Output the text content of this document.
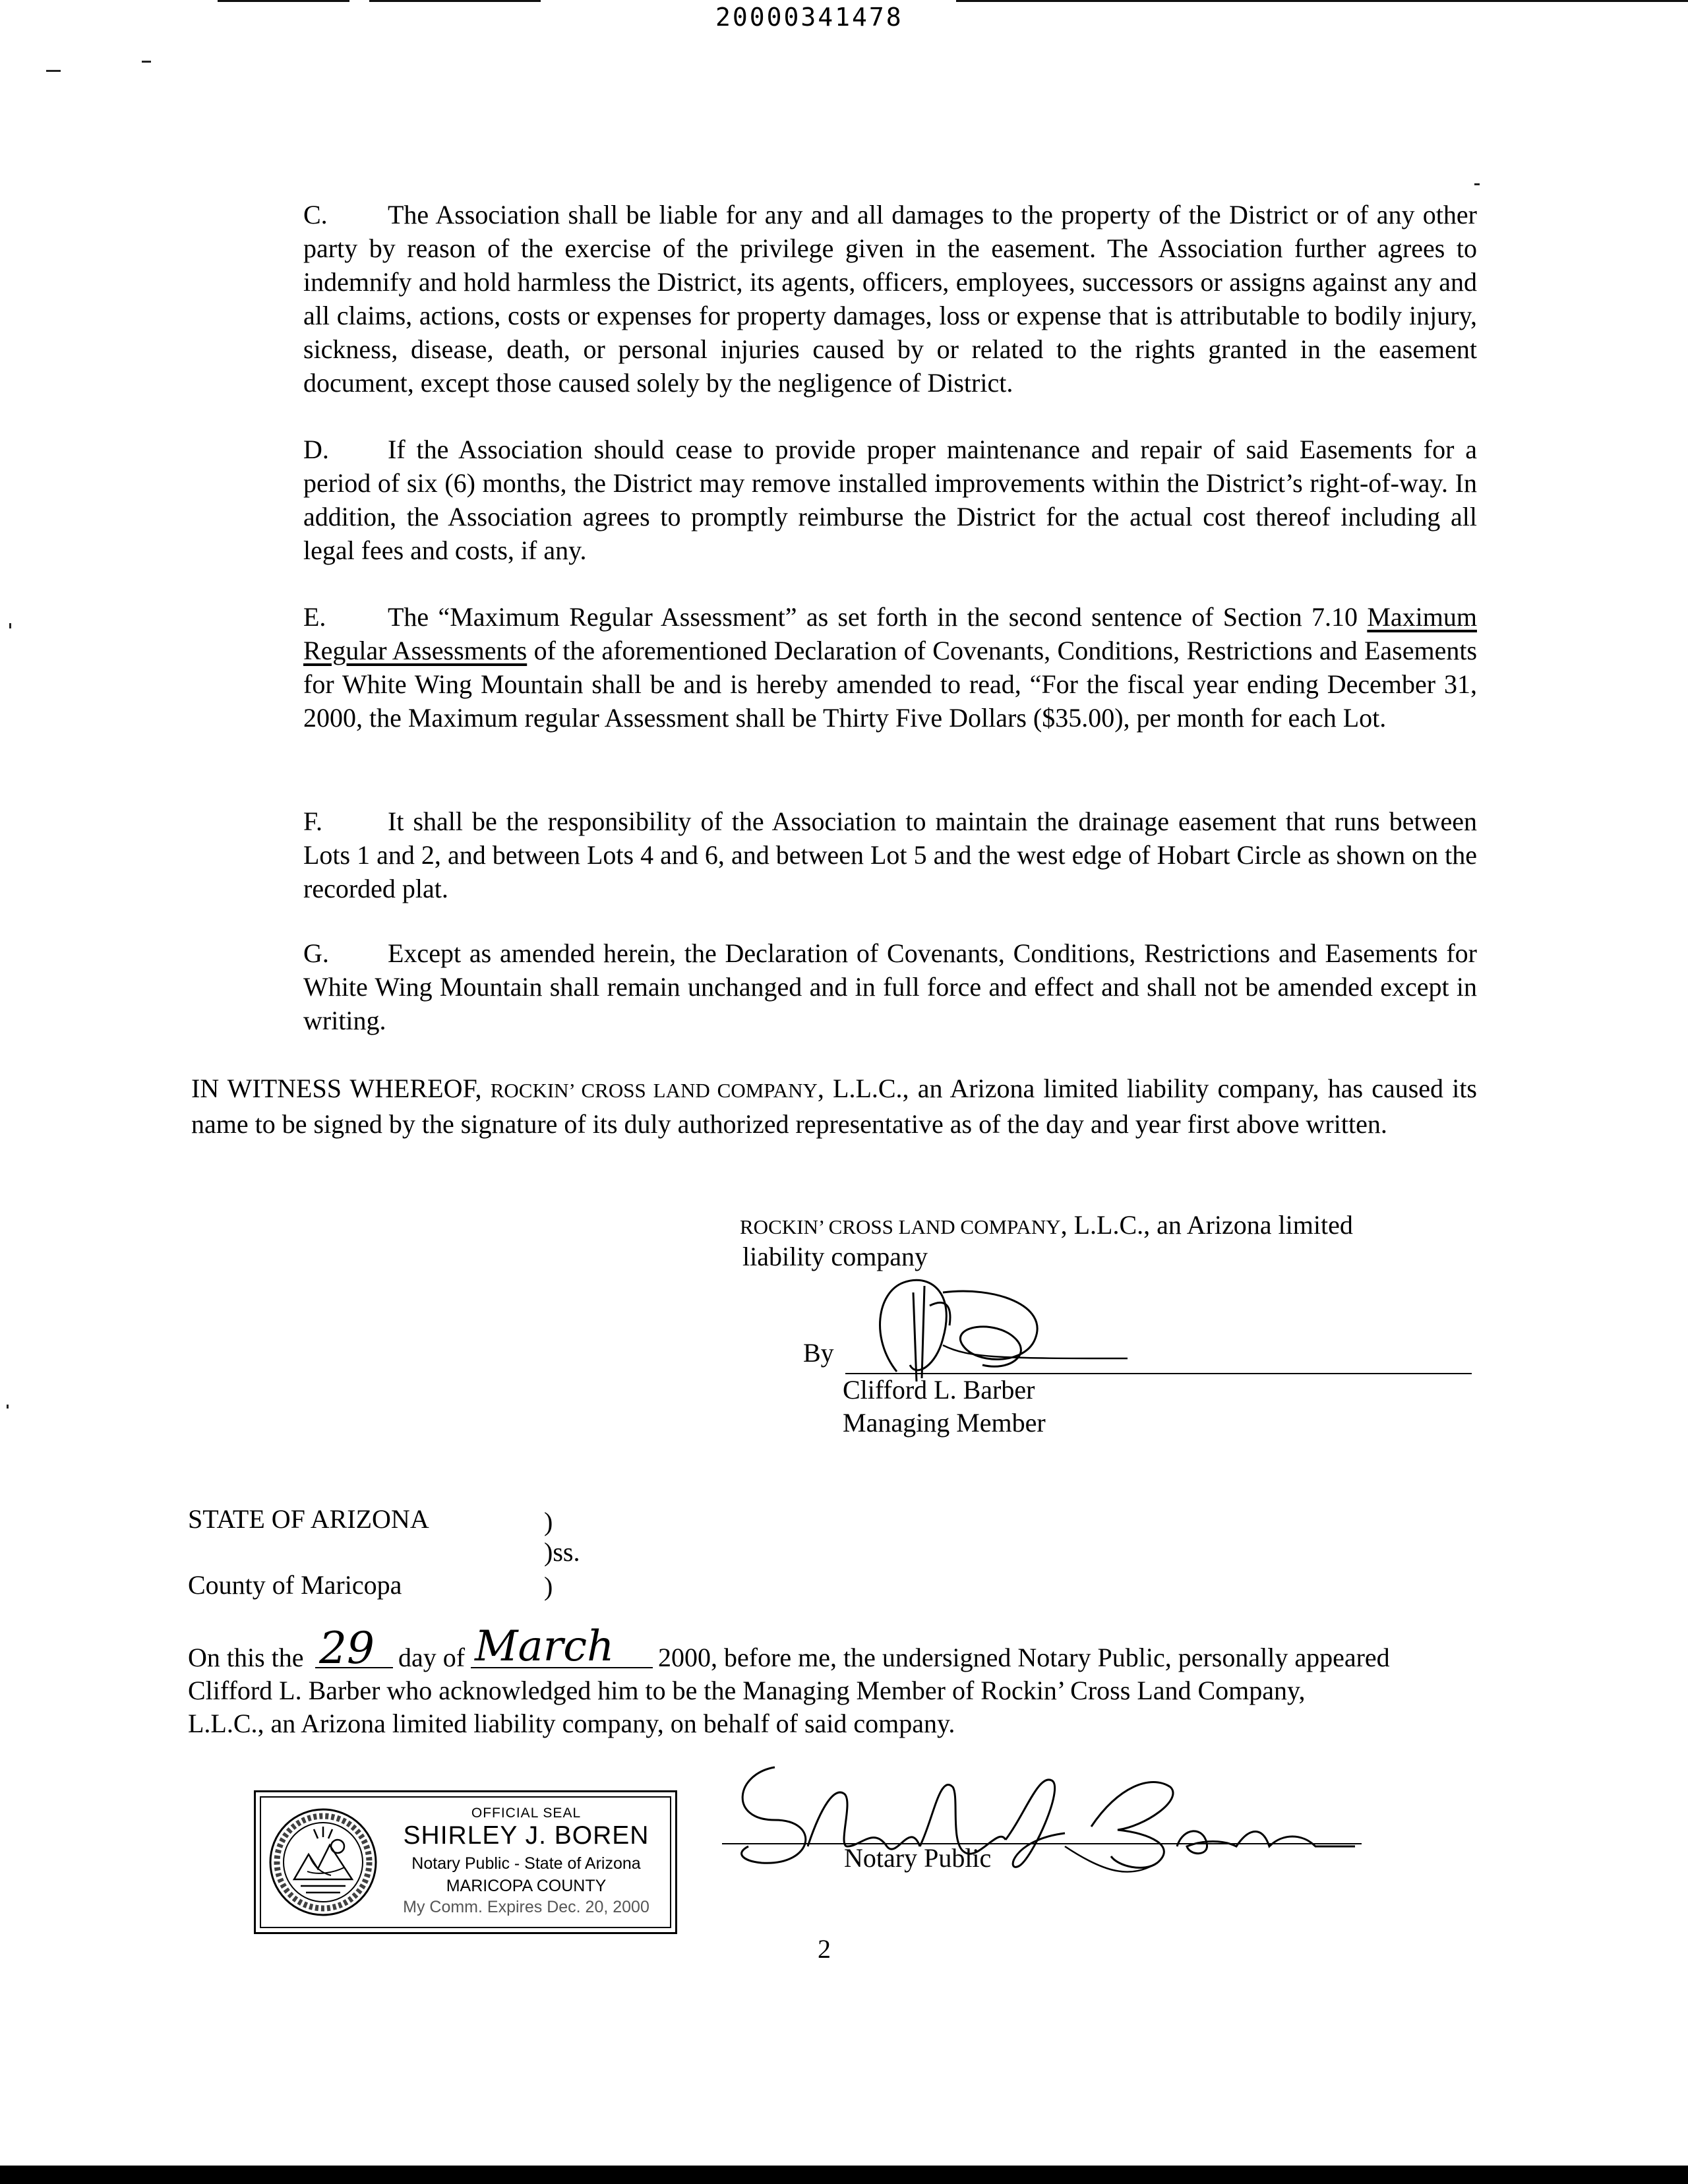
20000341478

C. The Association shall be liable for any and all damages to the property of the District or of any other party by reason of the exercise of the privilege given in the easement. The Association further agrees to indemnify and hold harmless the District, its agents, officers, employees, successors or assigns against any and all claims, actions, costs or expenses for property damages, loss or expense that is attributable to bodily injury, sickness, disease, death, or personal injuries caused by or related to the rights granted in the easement document, except those caused solely by the negligence of District.

D. If the Association should cease to provide proper maintenance and repair of said Easements for a period of six (6) months, the District may remove installed improvements within the District’s right-of-way. In addition, the Association agrees to promptly reimburse the District for the actual cost thereof including all legal fees and costs, if any.

E. The “Maximum Regular Assessment” as set forth in the second sentence of Section 7.10 Maximum Regular Assessments of the aforementioned Declaration of Covenants, Conditions, Restrictions and Easements for White Wing Mountain shall be and is hereby amended to read, “For the fiscal year ending December 31, 2000, the Maximum regular Assessment shall be Thirty Five Dollars ($35.00), per month for each Lot.

F. It shall be the responsibility of the Association to maintain the drainage easement that runs between Lots 1 and 2, and between Lots 4 and 6, and between Lot 5 and the west edge of Hobart Circle as shown on the recorded plat.

G. Except as amended herein, the Declaration of Covenants, Conditions, Restrictions and Easements for White Wing Mountain shall remain unchanged and in full force and effect and shall not be amended except in writing.

IN WITNESS WHEREOF, ROCKIN’ CROSS LAND COMPANY, L.L.C., an Arizona limited liability company, has caused its name to be signed by the signature of its duly authorized representative as of the day and year first above written.

ROCKIN’ CROSS LAND COMPANY, L.L.C., an Arizona limited
liability company
By
Clifford L. Barber
Managing Member
STATE OF ARIZONA	)
)ss.
County of Maricopa	)
On this the 29 day of March 2000, before me, the undersigned Notary Public, personally appeared
Clifford L. Barber who acknowledged him to be the Managing Member of Rockin’ Cross Land Company,
L.L.C., an Arizona limited liability company, on behalf of said company.
Notary Public
OFFICIAL SEAL
SHIRLEY J. BOREN
Notary Public - State of Arizona
MARICOPA COUNTY
My Comm. Expires Dec. 20, 2000
2
